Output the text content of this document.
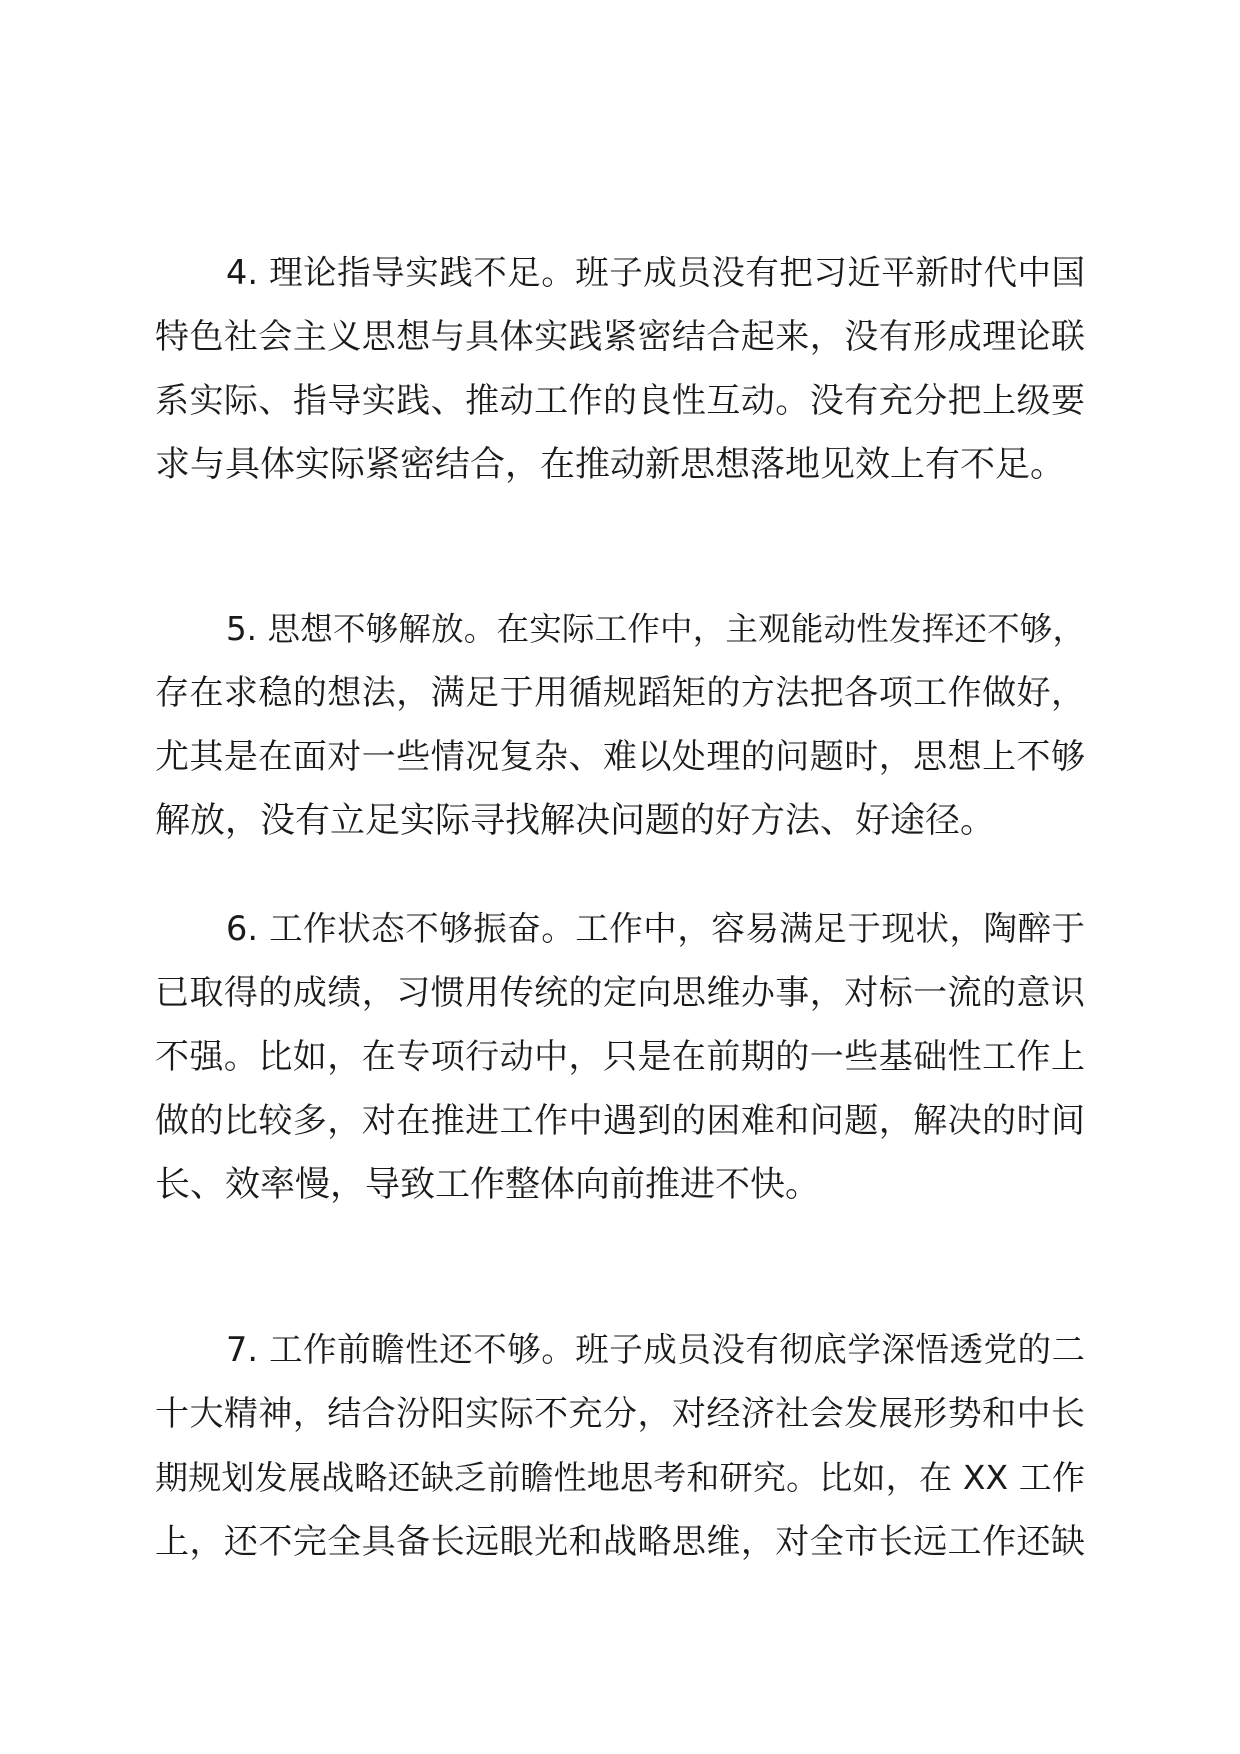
4. 理论指导实践不足。班子成员没有把习近平新时代中国
特色社会主义思想与具体实践紧密结合起来，没有形成理论联
系实际、指导实践、推动工作的良性互动。没有充分把上级要
求与具体实际紧密结合，在推动新思想落地见效上有不足。
5. 思想不够解放。在实际工作中，主观能动性发挥还不够，
存在求稳的想法，满足于用循规蹈矩的方法把各项工作做好，
尤其是在面对一些情况复杂、难以处理的问题时，思想上不够
解放，没有立足实际寻找解决问题的好方法、好途径。
6. 工作状态不够振奋。工作中，容易满足于现状，陶醉于
已取得的成绩，习惯用传统的定向思维办事，对标一流的意识
不强。比如，在专项行动中，只是在前期的一些基础性工作上
做的比较多，对在推进工作中遇到的困难和问题，解决的时间
长、效率慢，导致工作整体向前推进不快。
7. 工作前瞻性还不够。班子成员没有彻底学深悟透党的二
十大精神，结合汾阳实际不充分，对经济社会发展形势和中长
期规划发展战略还缺乏前瞻性地思考和研究。比如，在 XX 工作
上，还不完全具备长远眼光和战略思维，对全市长远工作还缺
